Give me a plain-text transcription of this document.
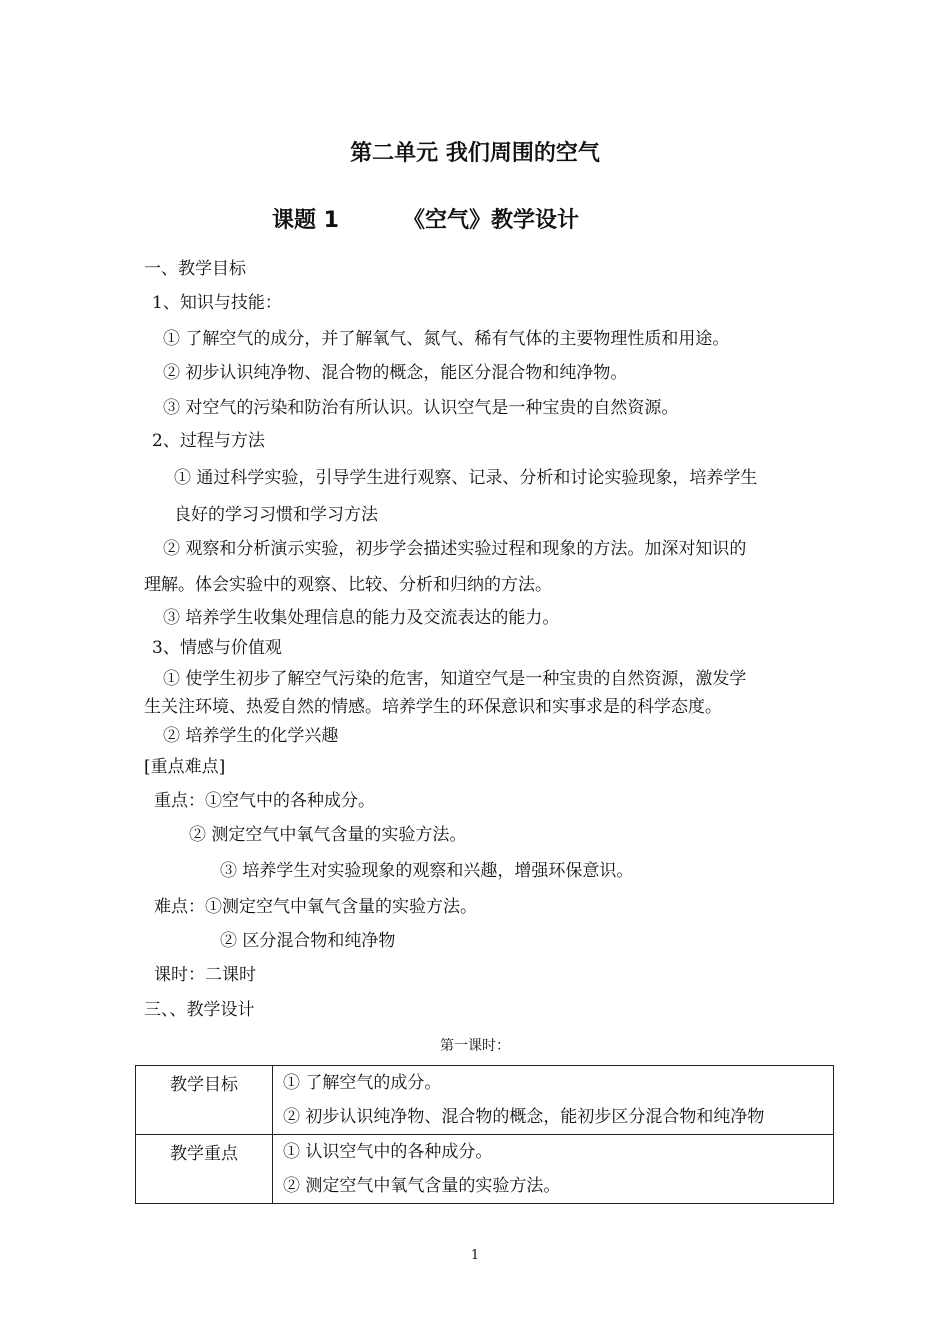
第二单元 我们周围的空气
课题 1	《空气》教学设计
一、教学目标
1、知识与技能：
① 了解空气的成分，并了解氧气、氮气、稀有气体的主要物理性质和用途。
② 初步认识纯净物、混合物的概念，能区分混合物和纯净物。
③ 对空气的污染和防治有所认识。认识空气是一种宝贵的自然资源。
2、过程与方法
① 通过科学实验，引导学生进行观察、记录、分析和讨论实验现象，培养学生
良好的学习习惯和学习方法
② 观察和分析演示实验，初步学会描述实验过程和现象的方法。加深对知识的
理解。体会实验中的观察、比较、分析和归纳的方法。
③ 培养学生收集处理信息的能力及交流表达的能力。
3、情感与价值观
① 使学生初步了解空气污染的危害，知道空气是一种宝贵的自然资源，激发学
生关注环境、热爱自然的情感。培养学生的环保意识和实事求是的科学态度。
② 培养学生的化学兴趣
[重点难点]
重点：①空气中的各种成分。
② 测定空气中氧气含量的实验方法。
③ 培养学生对实验现象的观察和兴趣，增强环保意识。
难点：①测定空气中氧气含量的实验方法。
② 区分混合物和纯净物
课时：二课时
三、、教学设计
第一课时：
教学目标	① 了解空气的成分。
② 初步认识纯净物、混合物的概念，能初步区分混合物和纯净物

教学重点	① 认识空气中的各种成分。
② 测定空气中氧气含量的实验方法。
1
